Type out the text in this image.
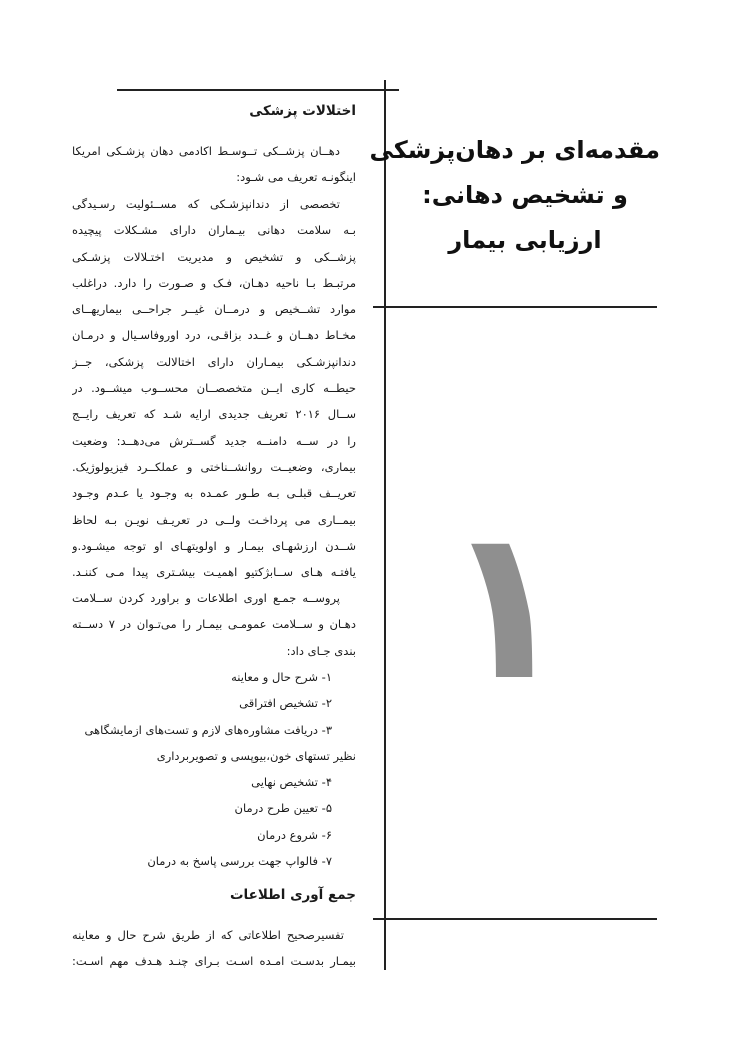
مقدمه‌ای بر دهان‌پزشکی
و تشخیص دهانی:
ارزیابی بیمار
۱
اختلالات پزشکی
دهــان پزشــکی تــوسـط اکادمی دهان پزشـکی امریکا
اینگونـه تعریف می شـود:
تخصصی از دندانپزشـکی که مســئولیت رسـیدگی
بـه سلامت دهانی بیـماران دارای مشـکلات پیچیده
پزشــکی و تشخیص و مدیریت اختـلالات پزشـکی
مرتبـط بـا ناحیه دهـان، فـک و صـورت را دارد. دراغلب
موارد تشــخیص و درمــان غیــر جراحــی بیماریهــای
مخـاط دهــان و غــدد بزاقـی، درد اوروفاسـیال و درمـان
دندانپزشـکی بیمـاران دارای اختالالت پزشکی، جــز
حیطــه کاری ایــن متخصصــان محســوب میشــود. در
ســال ۲۰۱۶ تعریف جدیدی ارایه شـد که تعریف رایــج
را در ســه دامنــه جدید گســترش می‌دهــد: وضعیت
بیماری، وضعیــت روانشــناختی و عملکــرد فیزیولوژیک.
تعریــف قبلـی بـه طـور عمـده به وجـود یا عـدم وجـود
بیمــاری می پرداخـت ولــی در تعریـف نویـن بـه لحاظ
شــدن ارزشهـای بیمـار و اولویتهـای او توجه میشـود.و
یافتـه هـای ســابژکتیو اهمیـت بیشـتری پیدا مـی کننـد.
پروســه جمـع اوری اطلاعات و براورد کردن ســلامت
دهـان و ســلامت عمومـی بیمـار را می‌تـوان در ۷ دســته
بندی جـای داد:
۱- شرح حال و معاینه
۲- تشخیص افتراقی
۳- دریافت مشاوره‌های لازم و تست‌های ازمایشگاهی
نظیر تستهای خون،بیوپسی و تصویربرداری
۴- تشخیص نهایی
۵- تعیین طرح درمان
۶- شروع درمان
۷- فالواپ جهت بررسی پاسخ به درمان
جمع آوری اطلاعات
تفسیرصحیح اطلاعاتی که از طریق شرح حال و معاینه
بیمـار بدسـت امـده اسـت بـرای چنـد هـدف مهم اسـت:
